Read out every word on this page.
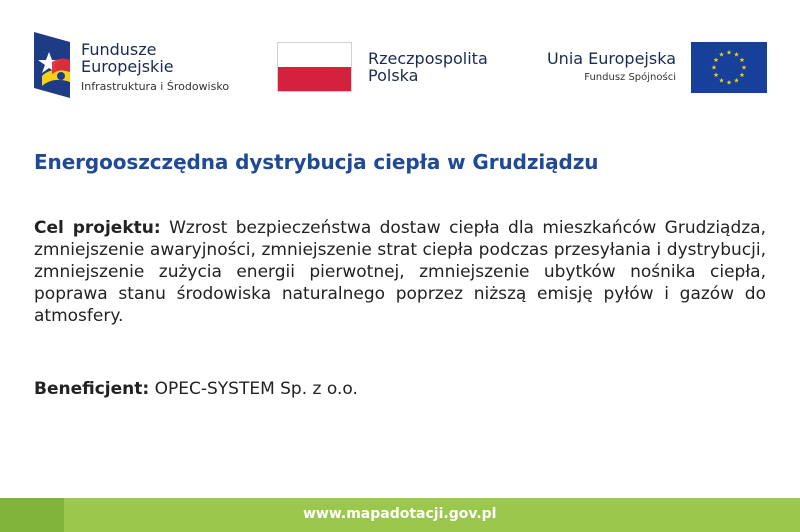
Fundusze
Europejskie
Infrastruktura i Środowisko
Rzeczpospolita
Polska
Unia Europejska
Fundusz Spójności
Energooszczędna dystrybucja ciepła w Grudziądzu
Cel projektu: Wzrost bezpieczeństwa dostaw ciepła dla mieszkańców Grudziądza, zmniejszenie awaryjności, zmniejszenie strat ciepła podczas przesyłania i dystrybucji, zmniejszenie zużycia energii pierwotnej, zmniejszenie ubytków nośnika ciepła, poprawa stanu środowiska naturalnego poprzez niższą emisję pyłów i gazów do atmosfery.
Beneficjent: OPEC-SYSTEM Sp. z o.o.
www.mapadotacji.gov.pl
